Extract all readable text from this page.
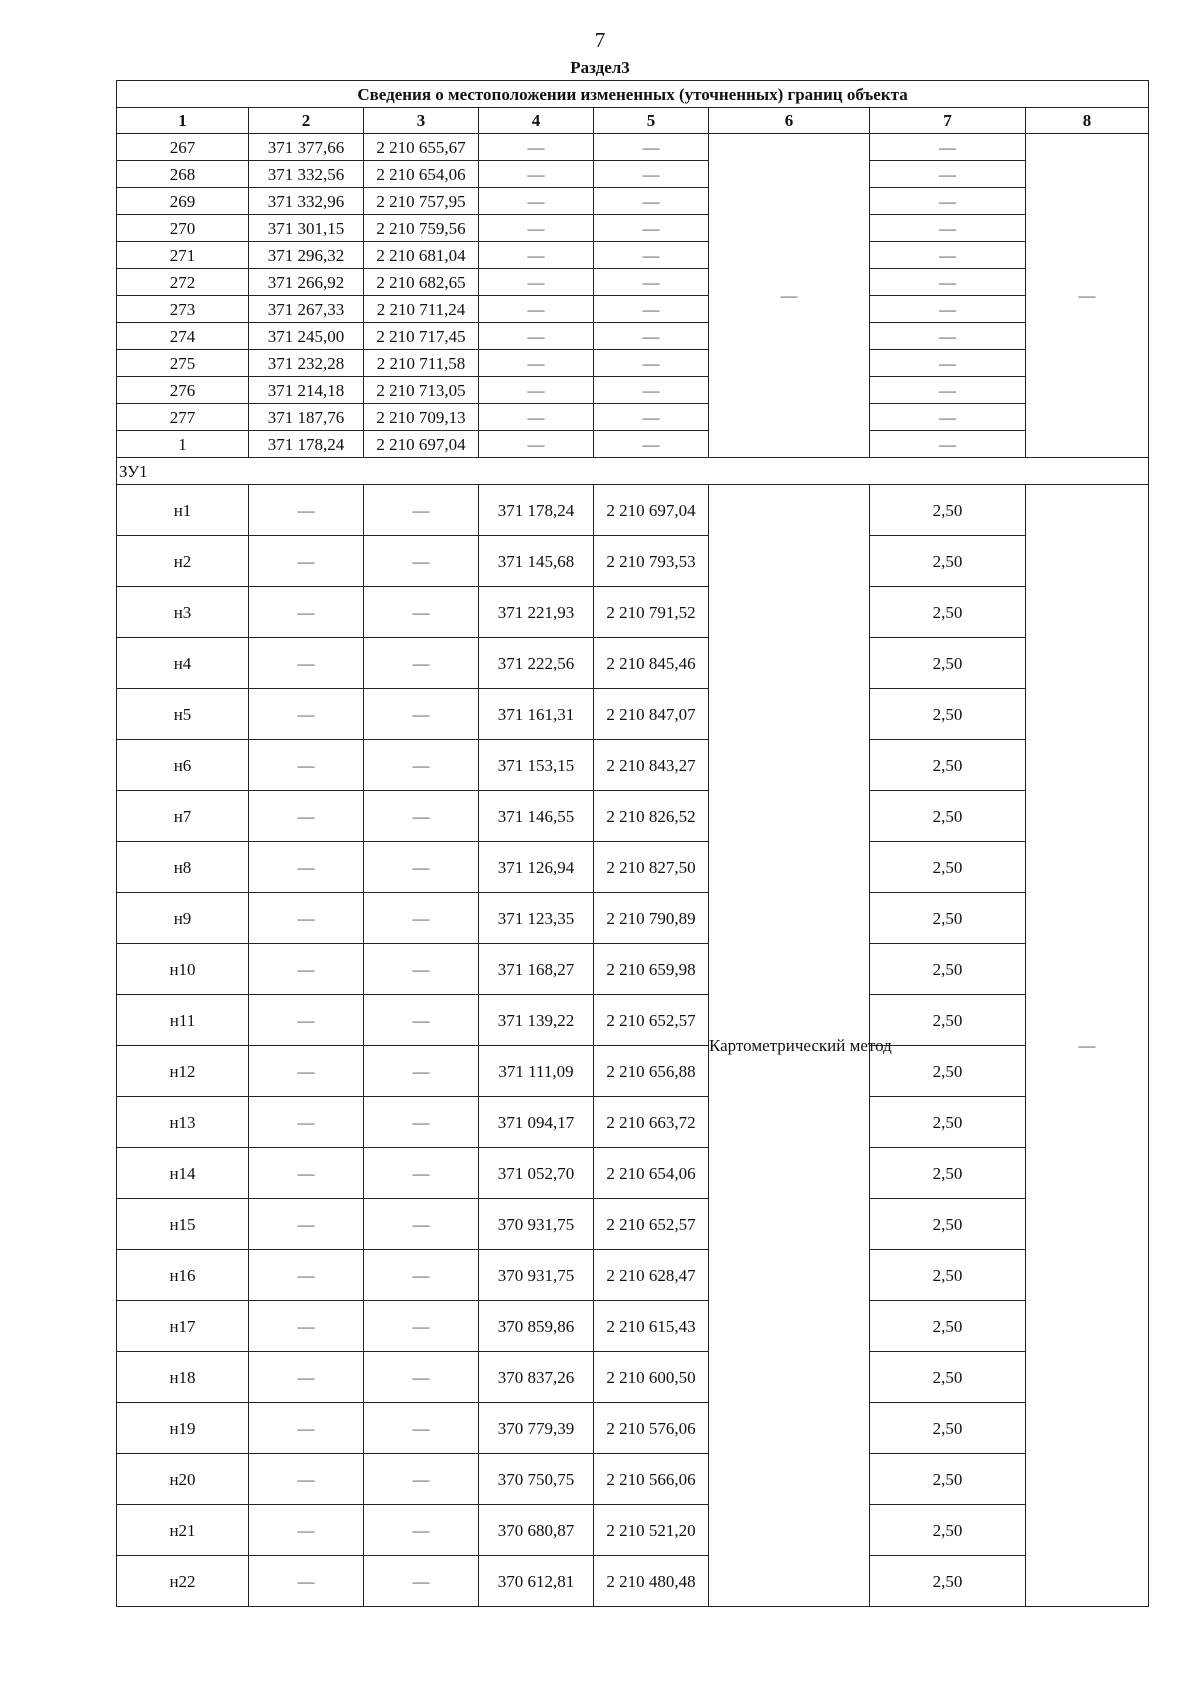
7
Раздел3
Сведения о местоположении измененных (уточненных) границ объекта							
1	2	3	4	5	6	7	8
267	371 377,66	2 210 655,67	—	—	—	—	—
268	371 332,56	2 210 654,06	—	—		—	
269	371 332,96	2 210 757,95	—	—		—	
270	371 301,15	2 210 759,56	—	—		—	
271	371 296,32	2 210 681,04	—	—		—	
272	371 266,92	2 210 682,65	—	—		—	
273	371 267,33	2 210 711,24	—	—		—	
274	371 245,00	2 210 717,45	—	—		—	
275	371 232,28	2 210 711,58	—	—		—	
276	371 214,18	2 210 713,05	—	—		—	
277	371 187,76	2 210 709,13	—	—		—	
1	371 178,24	2 210 697,04	—	—		—	
ЗУ1							
н1	—	—	371 178,24	2 210 697,04	Картометрический метод	2,50	—
н2	—	—	371 145,68	2 210 793,53		2,50	
н3	—	—	371 221,93	2 210 791,52		2,50	
н4	—	—	371 222,56	2 210 845,46		2,50	
н5	—	—	371 161,31	2 210 847,07		2,50	
н6	—	—	371 153,15	2 210 843,27		2,50	
н7	—	—	371 146,55	2 210 826,52		2,50	
н8	—	—	371 126,94	2 210 827,50		2,50	
н9	—	—	371 123,35	2 210 790,89		2,50	
н10	—	—	371 168,27	2 210 659,98		2,50	
н11	—	—	371 139,22	2 210 652,57		2,50	
н12	—	—	371 111,09	2 210 656,88		2,50	
н13	—	—	371 094,17	2 210 663,72		2,50	
н14	—	—	371 052,70	2 210 654,06		2,50	
н15	—	—	370 931,75	2 210 652,57		2,50	
н16	—	—	370 931,75	2 210 628,47		2,50	
н17	—	—	370 859,86	2 210 615,43		2,50	
н18	—	—	370 837,26	2 210 600,50		2,50	
н19	—	—	370 779,39	2 210 576,06		2,50	
н20	—	—	370 750,75	2 210 566,06		2,50	
н21	—	—	370 680,87	2 210 521,20		2,50	
н22	—	—	370 612,81	2 210 480,48		2,50	
